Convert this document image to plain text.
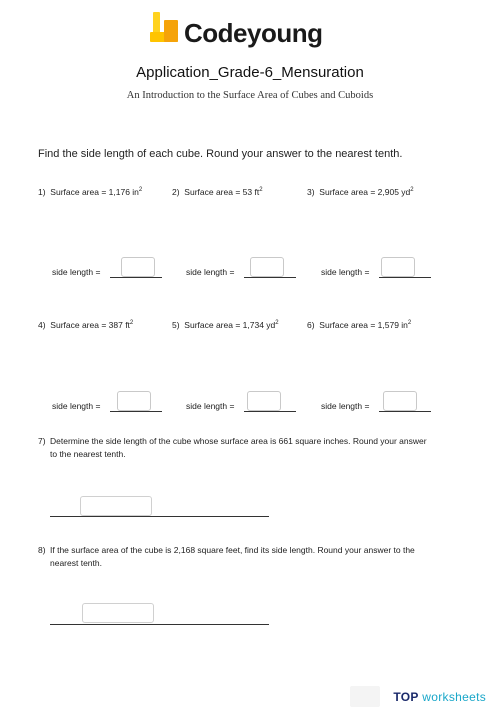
Codeyoung
Application_Grade-6_Mensuration
An Introduction to the Surface Area of Cubes and Cuboids
Find the side length of each cube. Round your answer to the nearest tenth.
1) Surface area = 1,176 $in^2$	2) Surface area = 53 $ft^2$	3) Surface area = 2,905 $yd^2$
side length =	side length =	side length =
4) Surface area = 387 $ft^2$	5) Surface area = 1,734 $yd^2$	6) Surface area = 1,579 $in^2$
side length =	side length =	side length =
7) Determine the side length of the cube whose surface area is 661 square inches. Round your answer to the nearest tenth.
8) If the surface area of the cube is 2,168 square feet, find its side length. Round your answer to the nearest tenth.
TOP worksheets
